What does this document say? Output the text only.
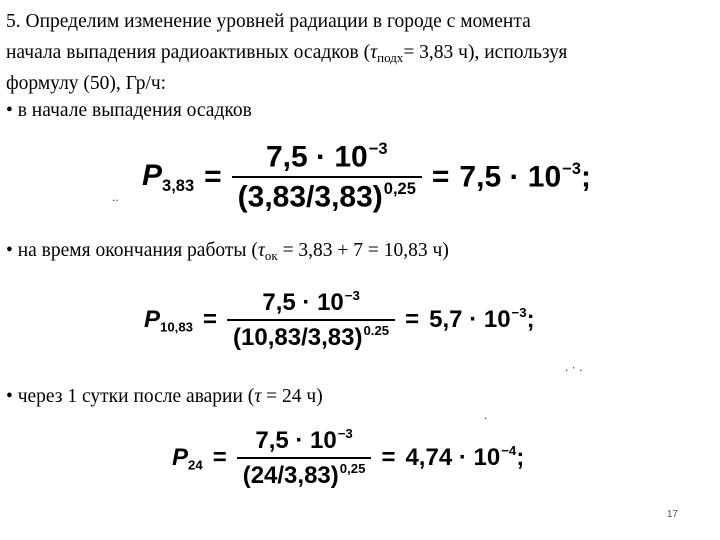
5. Определим изменение уровней радиации в городе с момента
начала выпадения радиоактивных осадков ($\tau_{подх}= 3,83$ ч), используя
формулу (50), Гр/ч:
• в начале выпадения осадков
$P3,83 = \frac{7,5 \cdot 10^{-3}}{(3,83/3,83)^{0,25}} = 7,5 \cdot 10^{-3}$;
..
• на время окончания работы ($\tau_{ок} = 3,83 + 7 = 10,83$ ч)
$P10,83 = \frac{7,5 \cdot 10^{-3}}{(10,83/3,83)^{0.25}} = 5,7 \cdot 10^{-3}$;
. · .
• через 1 сутки после аварии (τ = 24 ч)
.
$P24 = \frac{7,5 \cdot 10^{-3}}{(24/3,83)^{0,25}} = 4,74 \cdot 10^{-4}$;
17
